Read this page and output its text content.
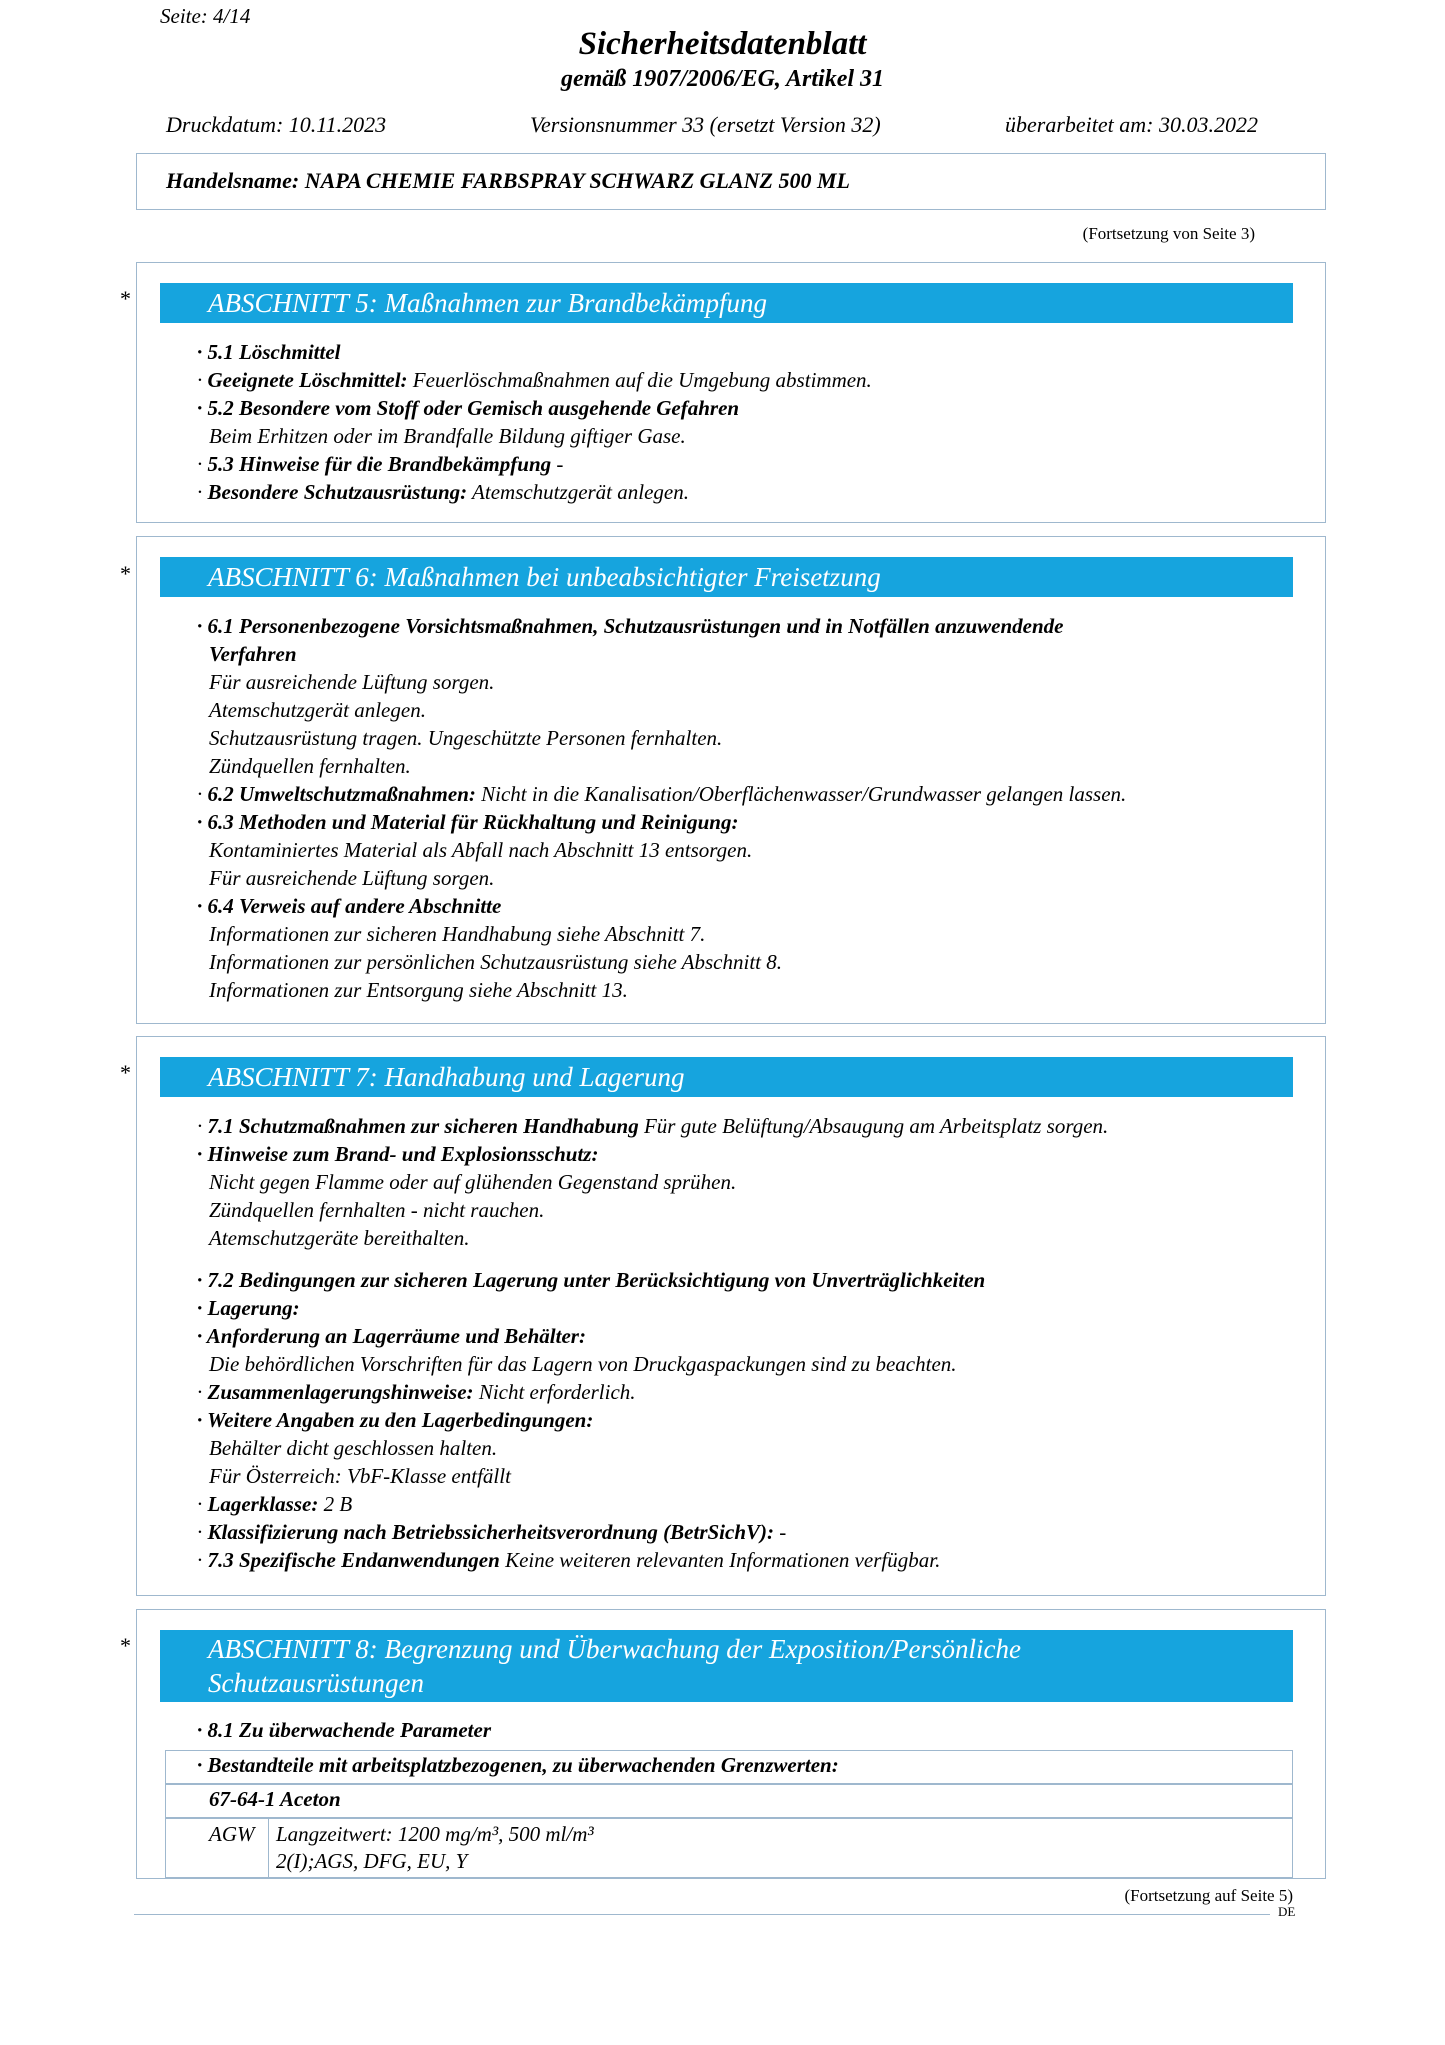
Seite: 4/14
Sicherheitsdatenblatt
gemäß 1907/2006/EG, Artikel 31
Druckdatum: 10.11.2023	Versionsnummer 33 (ersetzt Version 32)	überarbeitet am: 30.03.2022
Handelsname: NAPA CHEMIE FARBSPRAY SCHWARZ GLANZ 500 ML
(Fortsetzung von Seite 3)
*	ABSCHNITT 5: Maßnahmen zur Brandbekämpfung
· 5.1 Löschmittel
· Geeignete Löschmittel: Feuerlöschmaßnahmen auf die Umgebung abstimmen.
· 5.2 Besondere vom Stoff oder Gemisch ausgehende Gefahren
Beim Erhitzen oder im Brandfalle Bildung giftiger Gase.
· 5.3 Hinweise für die Brandbekämpfung -
· Besondere Schutzausrüstung: Atemschutzgerät anlegen.
*	ABSCHNITT 6: Maßnahmen bei unbeabsichtigter Freisetzung
· 6.1 Personenbezogene Vorsichtsmaßnahmen, Schutzausrüstungen und in Notfällen anzuwendende
Verfahren
Für ausreichende Lüftung sorgen.
Atemschutzgerät anlegen.
Schutzausrüstung tragen. Ungeschützte Personen fernhalten.
Zündquellen fernhalten.
· 6.2 Umweltschutzmaßnahmen: Nicht in die Kanalisation/Oberflächenwasser/Grundwasser gelangen lassen.
· 6.3 Methoden und Material für Rückhaltung und Reinigung:
Kontaminiertes Material als Abfall nach Abschnitt 13 entsorgen.
Für ausreichende Lüftung sorgen.
· 6.4 Verweis auf andere Abschnitte
Informationen zur sicheren Handhabung siehe Abschnitt 7.
Informationen zur persönlichen Schutzausrüstung siehe Abschnitt 8.
Informationen zur Entsorgung siehe Abschnitt 13.
*	ABSCHNITT 7: Handhabung und Lagerung
· 7.1 Schutzmaßnahmen zur sicheren Handhabung Für gute Belüftung/Absaugung am Arbeitsplatz sorgen.
· Hinweise zum Brand- und Explosionsschutz:
Nicht gegen Flamme oder auf glühenden Gegenstand sprühen.
Zündquellen fernhalten - nicht rauchen.
Atemschutzgeräte bereithalten.
· 7.2 Bedingungen zur sicheren Lagerung unter Berücksichtigung von Unverträglichkeiten
· Lagerung:
· Anforderung an Lagerräume und Behälter:
Die behördlichen Vorschriften für das Lagern von Druckgaspackungen sind zu beachten.
· Zusammenlagerungshinweise: Nicht erforderlich.
· Weitere Angaben zu den Lagerbedingungen:
Behälter dicht geschlossen halten.
Für Österreich: VbF-Klasse entfällt
· Lagerklasse: 2 B
· Klassifizierung nach Betriebssicherheitsverordnung (BetrSichV): -
· 7.3 Spezifische Endanwendungen Keine weiteren relevanten Informationen verfügbar.
*	ABSCHNITT 8: Begrenzung und Überwachung der Exposition/Persönliche
Schutzausrüstungen
· 8.1 Zu überwachende Parameter
· Bestandteile mit arbeitsplatzbezogenen, zu überwachenden Grenzwerten:
67-64-1 Aceton
AGW Langzeitwert: 1200 mg/m³, 500 ml/m³
2(I);AGS, DFG, EU, Y
(Fortsetzung auf Seite 5)
DE
